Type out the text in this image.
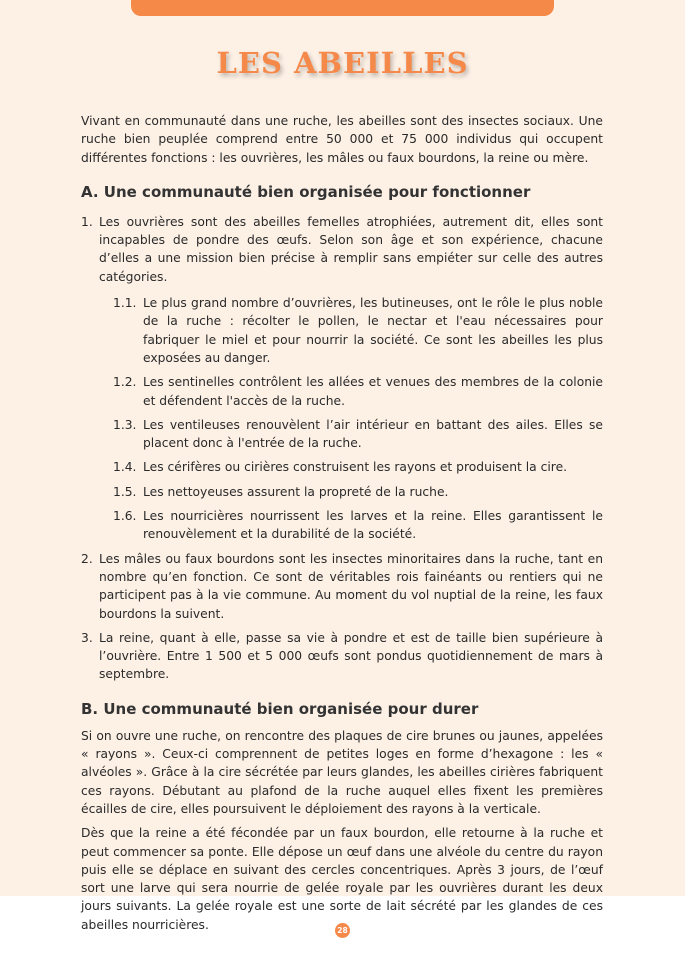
LES ABEILLES

Vivant en communauté dans une ruche, les abeilles sont des insectes sociaux. Une ruche bien peuplée comprend entre 50 000 et 75 000 individus qui occupent différentes fonctions : les ouvrières, les mâles ou faux bourdons, la reine ou mère.

A. Une communauté bien organisée pour fonctionner
1. Les ouvrières sont des abeilles femelles atrophiées, autrement dit, elles sont incapables de pondre des œufs. Selon son âge et son expérience, chacune d’elles a une mission bien précise à remplir sans empiéter sur celle des autres catégories.
1.1. Le plus grand nombre d’ouvrières, les butineuses, ont le rôle le plus noble de la ruche : récolter le pollen, le nectar et l'eau nécessaires pour fabriquer le miel et pour nourrir la société. Ce sont les abeilles les plus exposées au danger.
1.2. Les sentinelles contrôlent les allées et venues des membres de la colonie et défendent l'accès de la ruche.
1.3. Les ventileuses renouvèlent l’air intérieur en battant des ailes. Elles se placent donc à l'entrée de la ruche.
1.4. Les cérifères ou cirières construisent les rayons et produisent la cire.
1.5. Les nettoyeuses assurent la propreté de la ruche.
1.6. Les nourricières nourrissent les larves et la reine. Elles garantissent le renouvèlement et la durabilité de la société.
2. Les mâles ou faux bourdons sont les insectes minoritaires dans la ruche, tant en nombre qu’en fonction. Ce sont de véritables rois fainéants ou rentiers qui ne participent pas à la vie commune. Au moment du vol nuptial de la reine, les faux bourdons la suivent.
3. La reine, quant à elle, passe sa vie à pondre et est de taille bien supérieure à l’ouvrière. Entre 1 500 et 5 000 œufs sont pondus quotidiennement de mars à septembre.
B. Une communauté bien organisée pour durer

Si on ouvre une ruche, on rencontre des plaques de cire brunes ou jaunes, appelées « rayons ». Ceux-ci comprennent de petites loges en forme d’hexagone : les « alvéoles ». Grâce à la cire sécrétée par leurs glandes, les abeilles cirières fabriquent ces rayons. Débutant au plafond de la ruche auquel elles fixent les premières écailles de cire, elles poursuivent le déploiement des rayons à la verticale.

Dès que la reine a été fécondée par un faux bourdon, elle retourne à la ruche et peut commencer sa ponte. Elle dépose un œuf dans une alvéole du centre du rayon puis elle se déplace en suivant des cercles concentriques. Après 3 jours, de l’œuf sort une larve qui sera nourrie de gelée royale par les ouvrières durant les deux jours suivants. La gelée royale est une sorte de lait sécrété par les glandes de ces abeilles nourricières.	28
